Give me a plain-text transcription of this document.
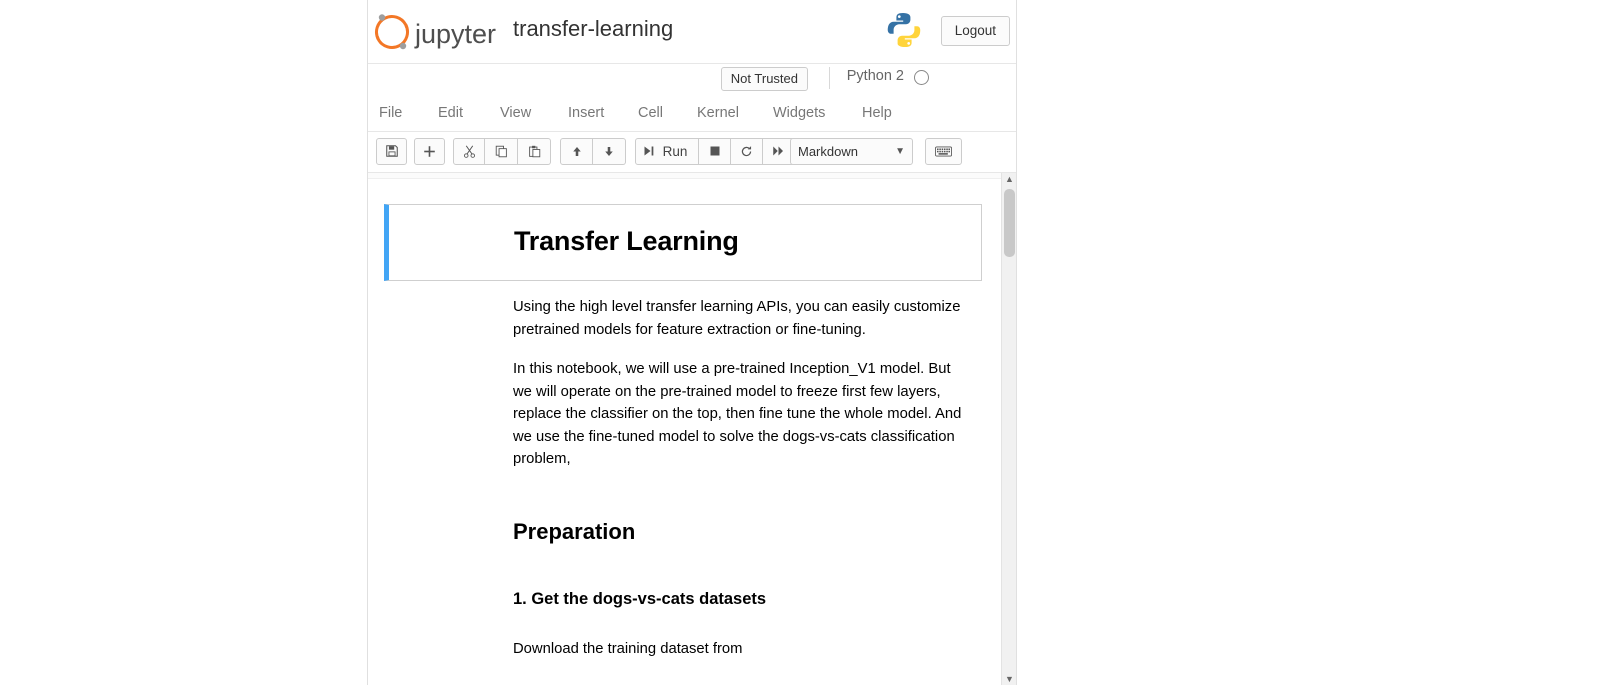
jupyter transfer-learning	Logout
Not Trusted	Python 2
File Edit	View	Insert Cell Kernel Widgets	Help
Run	Markdown	▼
▲
▼
Transfer Learning

Using the high level transfer learning APIs, you can easily customize pretrained models for feature extraction or fine-tuning.

In this notebook, we will use a pre-trained Inception_V1 model. But we will operate on the pre-trained model to freeze first few layers, replace the classifier on the top, then fine tune the whole model. And we use the fine-tuned model to solve the dogs-vs-cats classification problem,

Preparation
1. Get the dogs-vs-cats datasets

Download the training dataset from
